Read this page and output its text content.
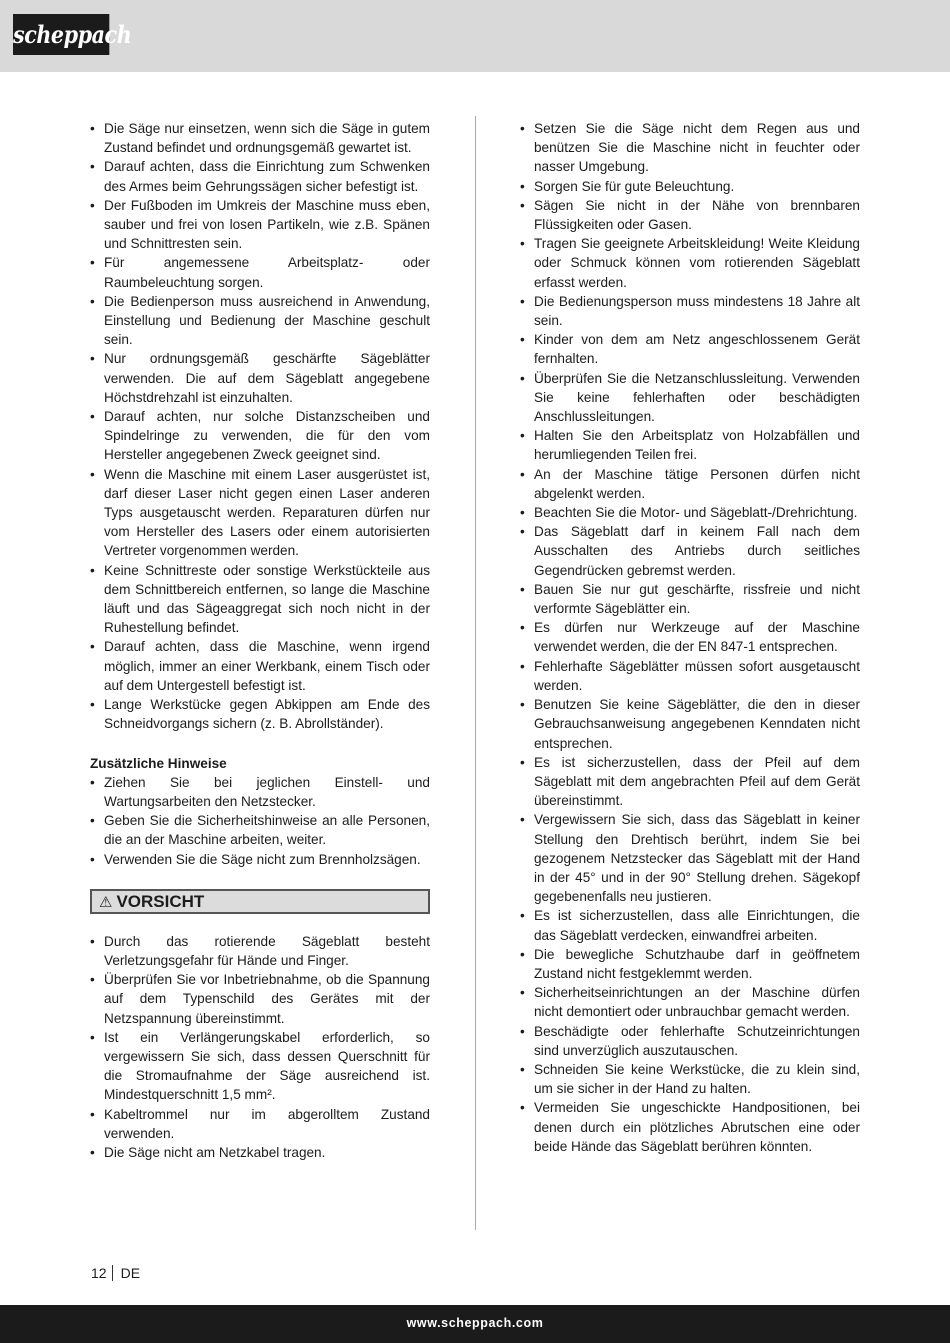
scheppach
• Die Säge nur einsetzen, wenn sich die Säge in gutem Zustand befindet und ordnungsgemäß gewartet ist.
• Darauf achten, dass die Einrichtung zum Schwenken des Armes beim Gehrungssägen sicher befestigt ist.
• Der Fußboden im Umkreis der Maschine muss eben, sauber und frei von losen Partikeln, wie z.B. Spänen und Schnittresten sein.
• Für angemessene Arbeitsplatz- oder Raumbeleuchtung sorgen.
• Die Bedienperson muss ausreichend in Anwendung, Einstellung und Bedienung der Maschine geschult sein.
• Nur ordnungsgemäß geschärfte Sägeblätter verwenden. Die auf dem Sägeblatt angegebene Höchstdrehzahl ist einzuhalten.
• Darauf achten, nur solche Distanzscheiben und Spindelringe zu verwenden, die für den vom Hersteller angegebenen Zweck geeignet sind.
• Wenn die Maschine mit einem Laser ausgerüstet ist, darf dieser Laser nicht gegen einen Laser anderen Typs ausgetauscht werden. Reparaturen dürfen nur vom Hersteller des Lasers oder einem autorisierten Vertreter vorgenommen werden.
• Keine Schnittreste oder sonstige Werkstückteile aus dem Schnittbereich entfernen, so lange die Maschine läuft und das Sägeaggregat sich noch nicht in der Ruhestellung befindet.
• Darauf achten, dass die Maschine, wenn irgend möglich, immer an einer Werkbank, einem Tisch oder auf dem Untergestell befestigt ist.
• Lange Werkstücke gegen Abkippen am Ende des Schneidvorgangs sichern (z. B. Abrollständer).
Zusätzliche Hinweise
• Ziehen Sie bei jeglichen Einstell- und Wartungsarbeiten den Netzstecker.
• Geben Sie die Sicherheitshinweise an alle Personen, die an der Maschine arbeiten, weiter.
• Verwenden Sie die Säge nicht zum Brennholzsägen.
⚠ VORSICHT
• Durch das rotierende Sägeblatt besteht Verletzungsgefahr für Hände und Finger.
• Überprüfen Sie vor Inbetriebnahme, ob die Spannung auf dem Typenschild des Gerätes mit der Netzspannung übereinstimmt.
• Ist ein Verlängerungskabel erforderlich, so vergewissern Sie sich, dass dessen Querschnitt für die Stromaufnahme der Säge ausreichend ist. Mindestquerschnitt 1,5 mm².
• Kabeltrommel nur im abgerolltem Zustand verwenden.
• Die Säge nicht am Netzkabel tragen.
• Setzen Sie die Säge nicht dem Regen aus und benützen Sie die Maschine nicht in feuchter oder nasser Umgebung.
• Sorgen Sie für gute Beleuchtung.
• Sägen Sie nicht in der Nähe von brennbaren Flüssigkeiten oder Gasen.
• Tragen Sie geeignete Arbeitskleidung! Weite Kleidung oder Schmuck können vom rotierenden Sägeblatt erfasst werden.
• Die Bedienungsperson muss mindestens 18 Jahre alt sein.
• Kinder von dem am Netz angeschlossenem Gerät fernhalten.
• Überprüfen Sie die Netzanschlussleitung. Verwenden Sie keine fehlerhaften oder beschädigten Anschlussleitungen.
• Halten Sie den Arbeitsplatz von Holzabfällen und herumliegenden Teilen frei.
• An der Maschine tätige Personen dürfen nicht abgelenkt werden.
• Beachten Sie die Motor- und Sägeblatt-/Drehrichtung.
• Das Sägeblatt darf in keinem Fall nach dem Ausschalten des Antriebs durch seitliches Gegendrücken gebremst werden.
• Bauen Sie nur gut geschärfte, rissfreie und nicht verformte Sägeblätter ein.
• Es dürfen nur Werkzeuge auf der Maschine verwendet werden, die der EN 847-1 entsprechen.
• Fehlerhafte Sägeblätter müssen sofort ausgetauscht werden.
• Benutzen Sie keine Sägeblätter, die den in dieser Gebrauchsanweisung angegebenen Kenndaten nicht entsprechen.
• Es ist sicherzustellen, dass der Pfeil auf dem Sägeblatt mit dem angebrachten Pfeil auf dem Gerät übereinstimmt.
• Vergewissern Sie sich, dass das Sägeblatt in keiner Stellung den Drehtisch berührt, indem Sie bei gezogenem Netzstecker das Sägeblatt mit der Hand in der 45° und in der 90° Stellung drehen. Sägekopf gegebenenfalls neu justieren.
• Es ist sicherzustellen, dass alle Einrichtungen, die das Sägeblatt verdecken, einwandfrei arbeiten.
• Die bewegliche Schutzhaube darf in geöffnetem Zustand nicht festgeklemmt werden.
• Sicherheitseinrichtungen an der Maschine dürfen nicht demontiert oder unbrauchbar gemacht werden.
• Beschädigte oder fehlerhafte Schutzeinrichtungen sind unverzüglich auszutauschen.
• Schneiden Sie keine Werkstücke, die zu klein sind, um sie sicher in der Hand zu halten.
• Vermeiden Sie ungeschickte Handpositionen, bei denen durch ein plötzliches Abrutschen eine oder beide Hände das Sägeblatt berühren könnten.
12 DE
www.scheppach.com
